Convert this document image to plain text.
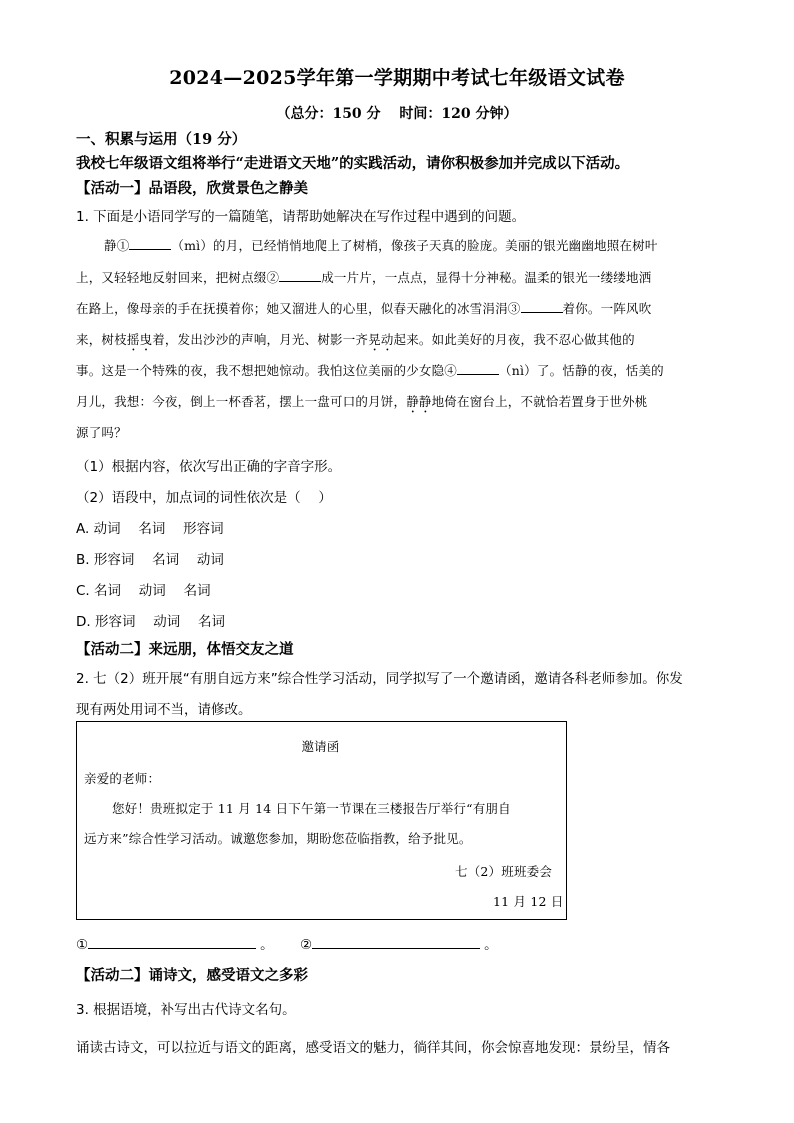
2024—2025学年第一学期期中考试七年级语文试卷
（总分：150 分　 时间：120 分钟）
一、积累与运用（19 分）
我校七年级语文组将举行“走进语文天地”的实践活动，请你积极参加并完成以下活动。
【活动一】品语段，欣赏景色之静美
1. 下面是小语同学写的一篇随笔，请帮助她解决在写作过程中遇到的问题。
静①	（mì）的月，已经悄悄地爬上了树梢，像孩子天真的脸庞。美丽的银光幽幽地照在树叶
上，又轻轻地反射回来，把树点缀②	成一片片，一点点，显得十分神秘。温柔的银光一缕缕地洒
在路上，像母亲的手在抚摸着你；她又溜进人的心里，似春天融化的冰雪涓涓③	着你。一阵风吹
来，树枝摇曳着，发出沙沙的声响，月光、树影一齐晃动起来。如此美好的月夜，我不忍心做其他的
事。这是一个特殊的夜，我不想把她惊动。我怕这位美丽的少女隐④	（nì）了。恬静的夜，恬美的
月儿，我想：今夜，倒上一杯香茗，摆上一盘可口的月饼，静静地倚在窗台上，不就恰若置身于世外桃
源了吗？
（1）根据内容，依次写出正确的字音字形。
（2）语段中，加点词的词性依次是（　 ）
A. 动词　 名词　 形容词
B. 形容词　 名词　 动词
C. 名词　 动词　 名词
D. 形容词　 动词　 名词
【活动二】来远朋，体悟交友之道
2. 七（2）班开展“有朋自远方来”综合性学习活动，同学拟写了一个邀请函，邀请各科老师参加。你发
现有两处用词不当，请修改。
邀请函
亲爱的老师：
您好！贵班拟定于 11 月 14 日下午第一节课在三楼报告厅举行“有朋自
远方来”综合性学习活动。诚邀您参加，期盼您莅临指教，给予批见。
七（2）班班委会
11 月 12 日
①	。 ②	。
【活动二】诵诗文，感受语文之多彩
3. 根据语境，补写出古代诗文名句。
诵读古诗文，可以拉近与语文的距离，感受语文的魅力，徜徉其间，你会惊喜地发现：景纷呈，情各
